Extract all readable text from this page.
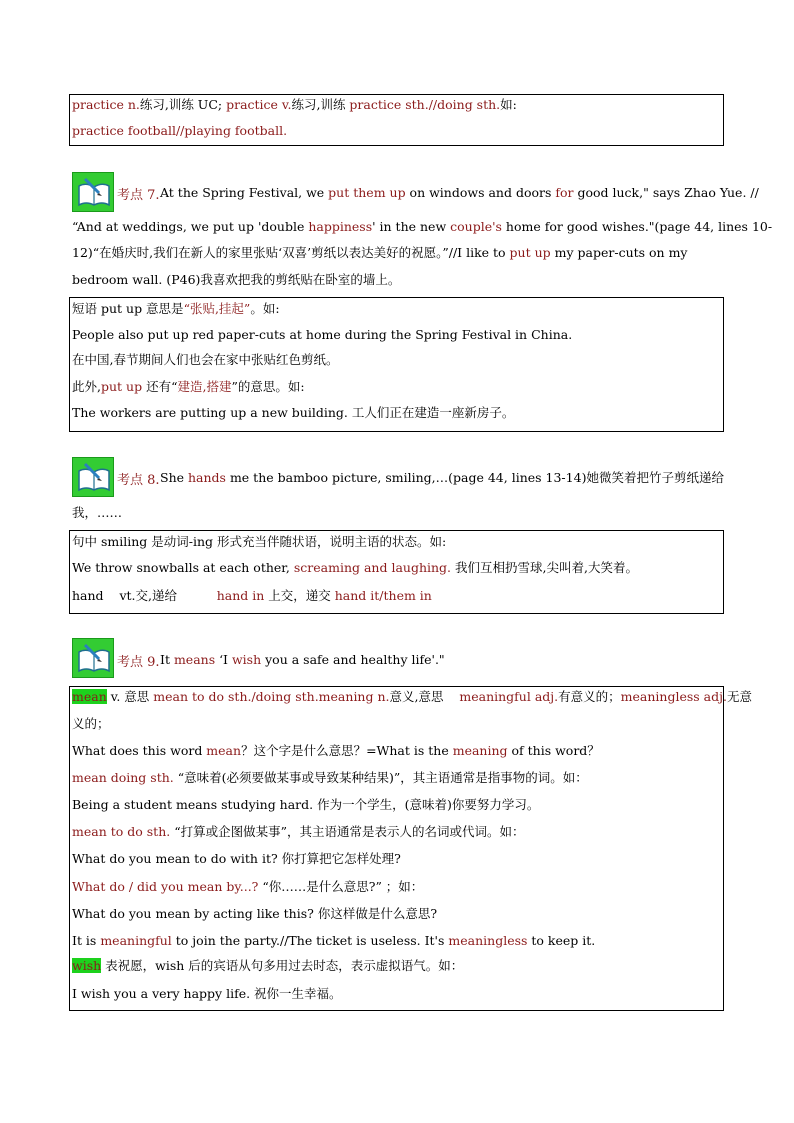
practice n.练习,训练 UC; practice v.练习,训练 practice sth.//doing sth.如:
practice football//playing football.
考点 7. At the Spring Festival, we put them up on windows and doors for good luck," says Zhao Yue. //
“And at weddings, we put up 'double happiness' in the new couple's home for good wishes."(page 44, lines 10-
12)“在婚庆时,我们在新人的家里张贴‘双喜’剪纸以表达美好的祝愿。”//I like to put up my paper-cuts on my
bedroom wall. (P46)我喜欢把我的剪纸贴在卧室的墙上。
短语 put up 意思是“张贴,挂起”。如:
People also put up red paper-cuts at home during the Spring Festival in China.
在中国,春节期间人们也会在家中张贴红色剪纸。
此外,put up 还有“建造,搭建”的意思。如:
The workers are putting up a new building. 工人们正在建造一座新房子。
考点 8. She hands me the bamboo picture, smiling,…(page 44, lines 13-14)她微笑着把竹子剪纸递给
我，……
句中 smiling 是动词-ing 形式充当伴随状语，说明主语的状态。如:
We throw snowballs at each other, screaming and laughing. 我们互相扔雪球,尖叫着,大笑着。
hand    vt.交,递给          hand in 上交，递交 hand it/them in
考点 9. It means ‘I wish you a safe and healthy life'."
mean v. 意思 mean to do sth./doing sth.meaning n.意义,意思    meaningful adj.有意义的；meaningless adj.无意
义的；
What does this word mean？这个字是什么意思？=What is the meaning of this word？
mean doing sth. “意味着(必须要做某事或导致某种结果)”，其主语通常是指事物的词。如：
Being a student means studying hard. 作为一个学生，(意味着)你要努力学习。
mean to do sth. “打算或企图做某事”，其主语通常是表示人的名词或代词。如：
What do you mean to do with it? 你打算把它怎样处理?
What do / did you mean by...? “你……是什么意思?” ；如：
What do you mean by acting like this? 你这样做是什么意思?
It is meaningful to join the party.//The ticket is useless. It's meaningless to keep it.
wish 表祝愿，wish 后的宾语从句多用过去时态，表示虚拟语气。如：
I wish you a very happy life. 祝你一生幸福。
